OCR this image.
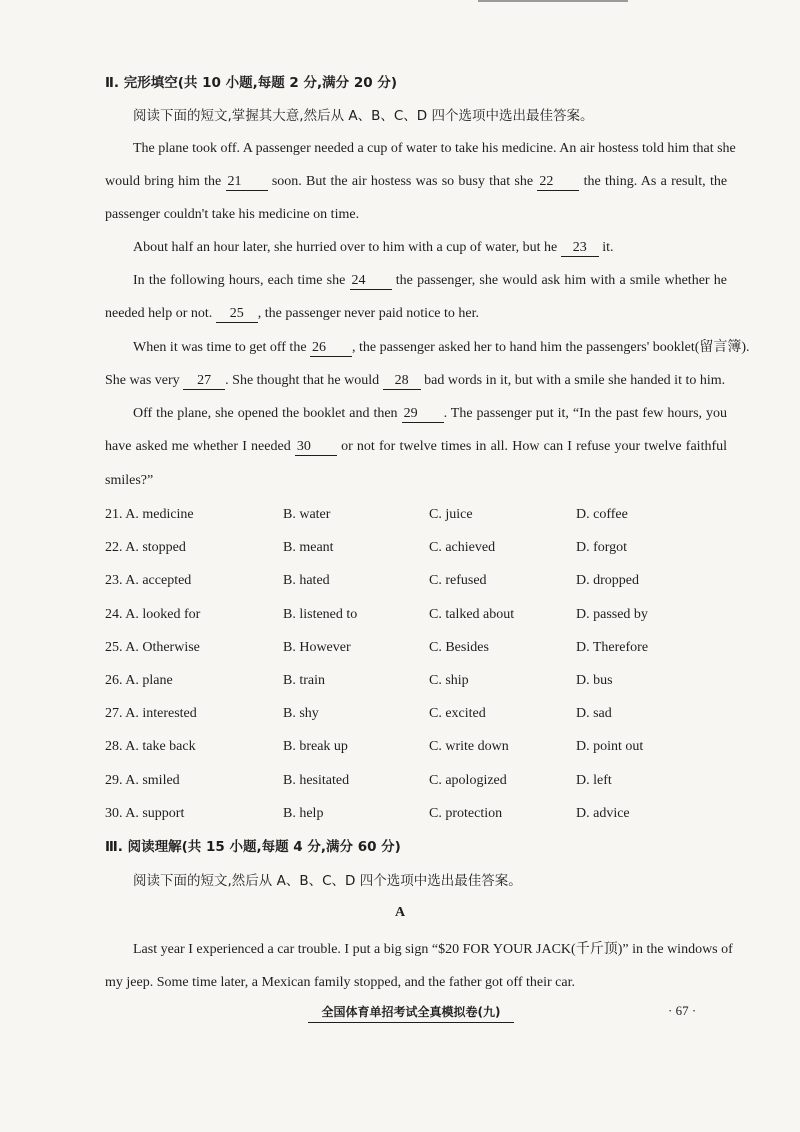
Ⅱ. 完形填空(共 10 小题,每题 2 分,满分 20 分)
阅读下面的短文,掌握其大意,然后从 A、B、C、D 四个选项中选出最佳答案。
The plane took off. A passenger needed a cup of water to take his medicine. An air hostess told him that she
would bring him the 21 soon. But the air hostess was so busy that she 22 the thing. As a result, the
passenger couldn't take his medicine on time.
About half an hour later, she hurried over to him with a cup of water, but he 23 it.
In the following hours, each time she 24 the passenger, she would ask him with a smile whether he
needed help or not. 25 , the passenger never paid notice to her.
When it was time to get off the 26 , the passenger asked her to hand him the passengers' booklet(留言簿).
She was very 27 . She thought that he would 28 bad words in it, but with a smile she handed it to him.
Off the plane, she opened the booklet and then 29 . The passenger put it, “In the past few hours, you
have asked me whether I needed 30 or not for twelve times in all. How can I refuse your twelve faithful
smiles?”
21. A. medicine	B. water	C. juice	D. coffee
22. A. stopped	B. meant	C. achieved	D. forgot
23. A. accepted	B. hated	C. refused	D. dropped
24. A. looked for	B. listened to	C. talked about	D. passed by
25. A. Otherwise	B. However	C. Besides	D. Therefore
26. A. plane	B. train	C. ship	D. bus
27. A. interested	B. shy	C. excited	D. sad
28. A. take back	B. break up	C. write down	D. point out
29. A. smiled	B. hesitated	C. apologized	D. left
30. A. support	B. help	C. protection	D. advice
Ⅲ. 阅读理解(共 15 小题,每题 4 分,满分 60 分)
阅读下面的短文,然后从 A、B、C、D 四个选项中选出最佳答案。
A
Last year I experienced a car trouble. I put a big sign “$20 FOR YOUR JACK(千斤顶)” in the windows of
my jeep. Some time later, a Mexican family stopped, and the father got off their car.
全国体育单招考试全真模拟卷(九)	· 67 ·
